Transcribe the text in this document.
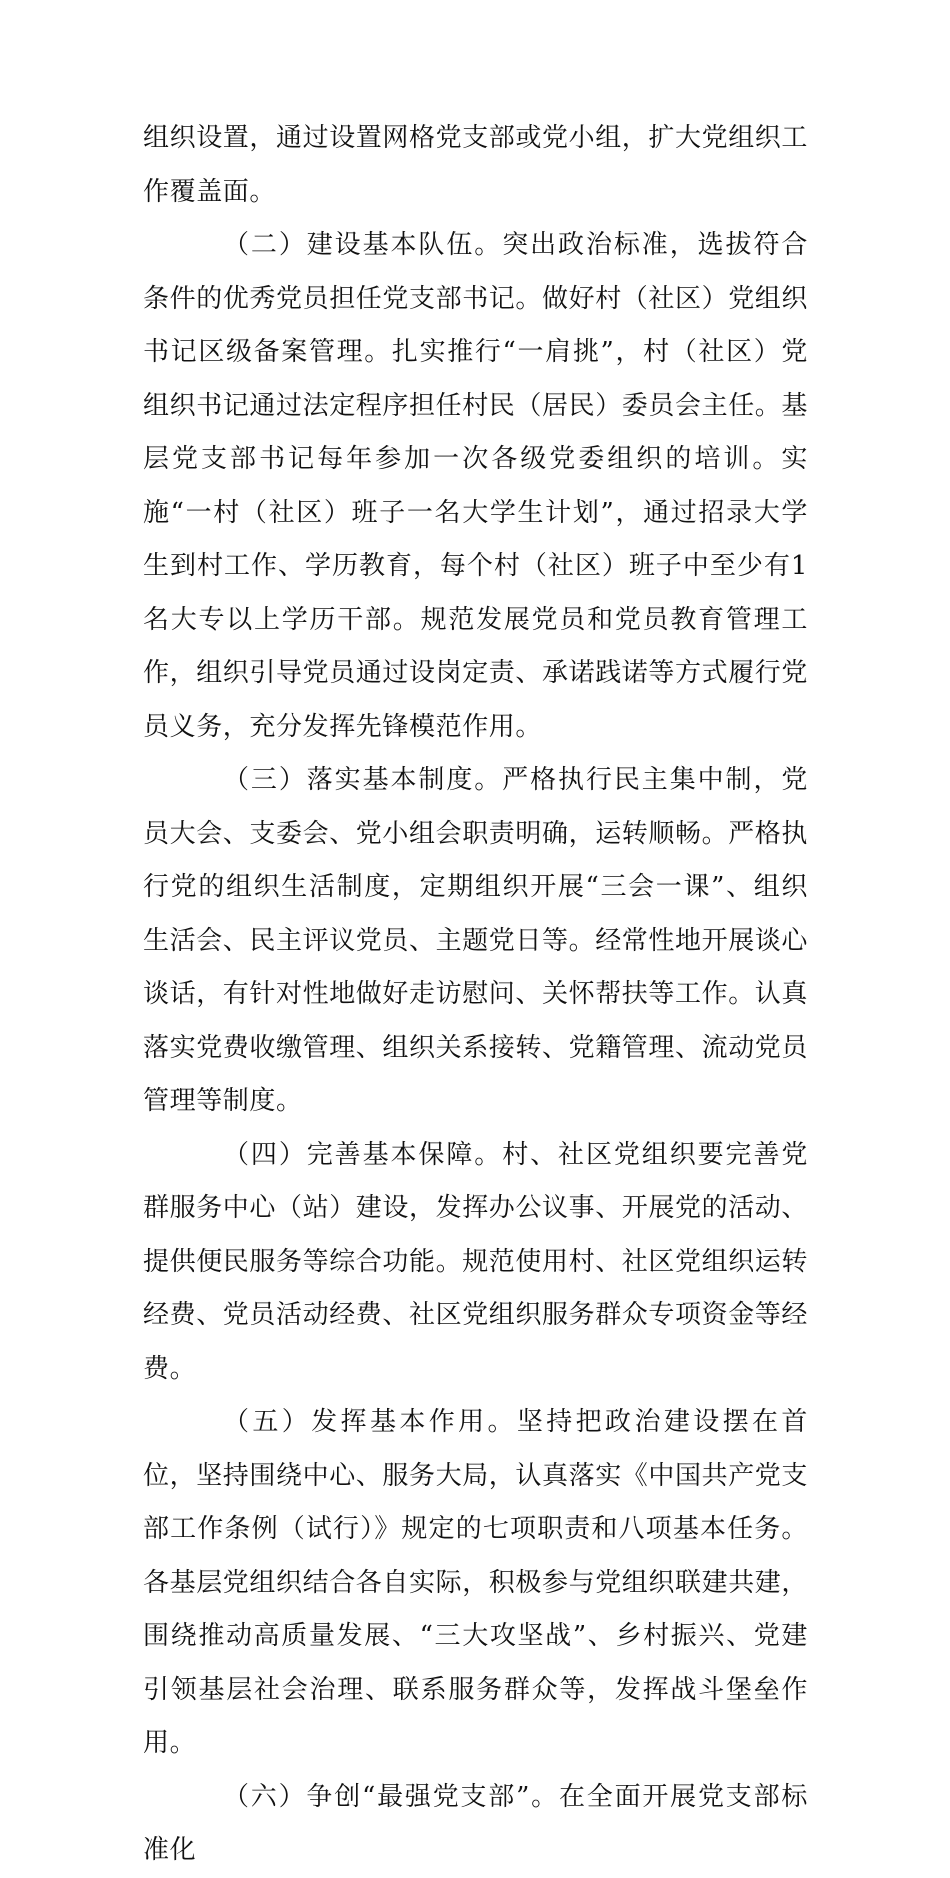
组织设置，通过设置网格党支部或党小组，扩大党组织工作覆盖面。

（二）建设基本队伍。突出政治标准，选拔符合条件的优秀党员担任党支部书记。做好村（社区）党组织书记区级备案管理。扎实推行“一肩挑”，村（社区）党组织书记通过法定程序担任村民（居民）委员会主任。基层党支部书记每年参加一次各级党委组织的培训。实施“一村（社区）班子一名大学生计划”，通过招录大学生到村工作、学历教育，每个村（社区）班子中至少有1名大专以上学历干部。规范发展党员和党员教育管理工作，组织引导党员通过设岗定责、承诺践诺等方式履行党员义务，充分发挥先锋模范作用。

（三）落实基本制度。严格执行民主集中制，党员大会、支委会、党小组会职责明确，运转顺畅。严格执行党的组织生活制度，定期组织开展“三会一课”、组织生活会、民主评议党员、主题党日等。经常性地开展谈心谈话，有针对性地做好走访慰问、关怀帮扶等工作。认真落实党费收缴管理、组织关系接转、党籍管理、流动党员管理等制度。

（四）完善基本保障。村、社区党组织要完善党群服务中心（站）建设，发挥办公议事、开展党的活动、提供便民服务等综合功能。规范使用村、社区党组织运转经费、党员活动经费、社区党组织服务群众专项资金等经费。

（五）发挥基本作用。坚持把政治建设摆在首位，坚持围绕中心、服务大局，认真落实《中国共产党支部工作条例（试行）》规定的七项职责和八项基本任务。各基层党组织结合各自实际，积极参与党组织联建共建，围绕推动高质量发展、“三大攻坚战”、乡村振兴、党建引领基层社会治理、联系服务群众等，发挥战斗堡垒作用。

（六）争创“最强党支部”。在全面开展党支部标准化
